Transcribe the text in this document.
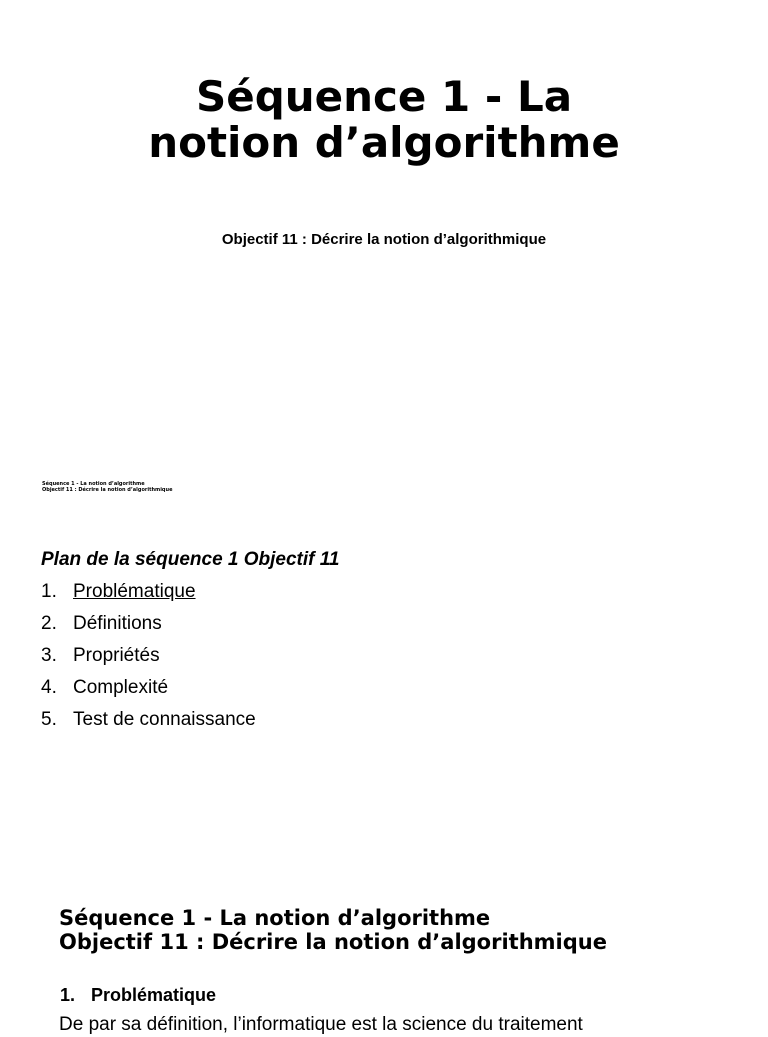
Séquence 1 - La
notion d’algorithme
Objectif 11 : Décrire la notion d’algorithmique
Séquence 1 - La notion d’algorithme
Objectif 11 : Décrire la notion d’algorithmique
Plan de la séquence 1 Objectif 11
1. Problématique
2. Définitions
3. Propriétés
4. Complexité
5. Test de connaissance
Séquence 1 - La notion d’algorithme
Objectif 11 : Décrire la notion d’algorithmique
1. Problématique
De par sa définition, l’informatique est la science du traitement
